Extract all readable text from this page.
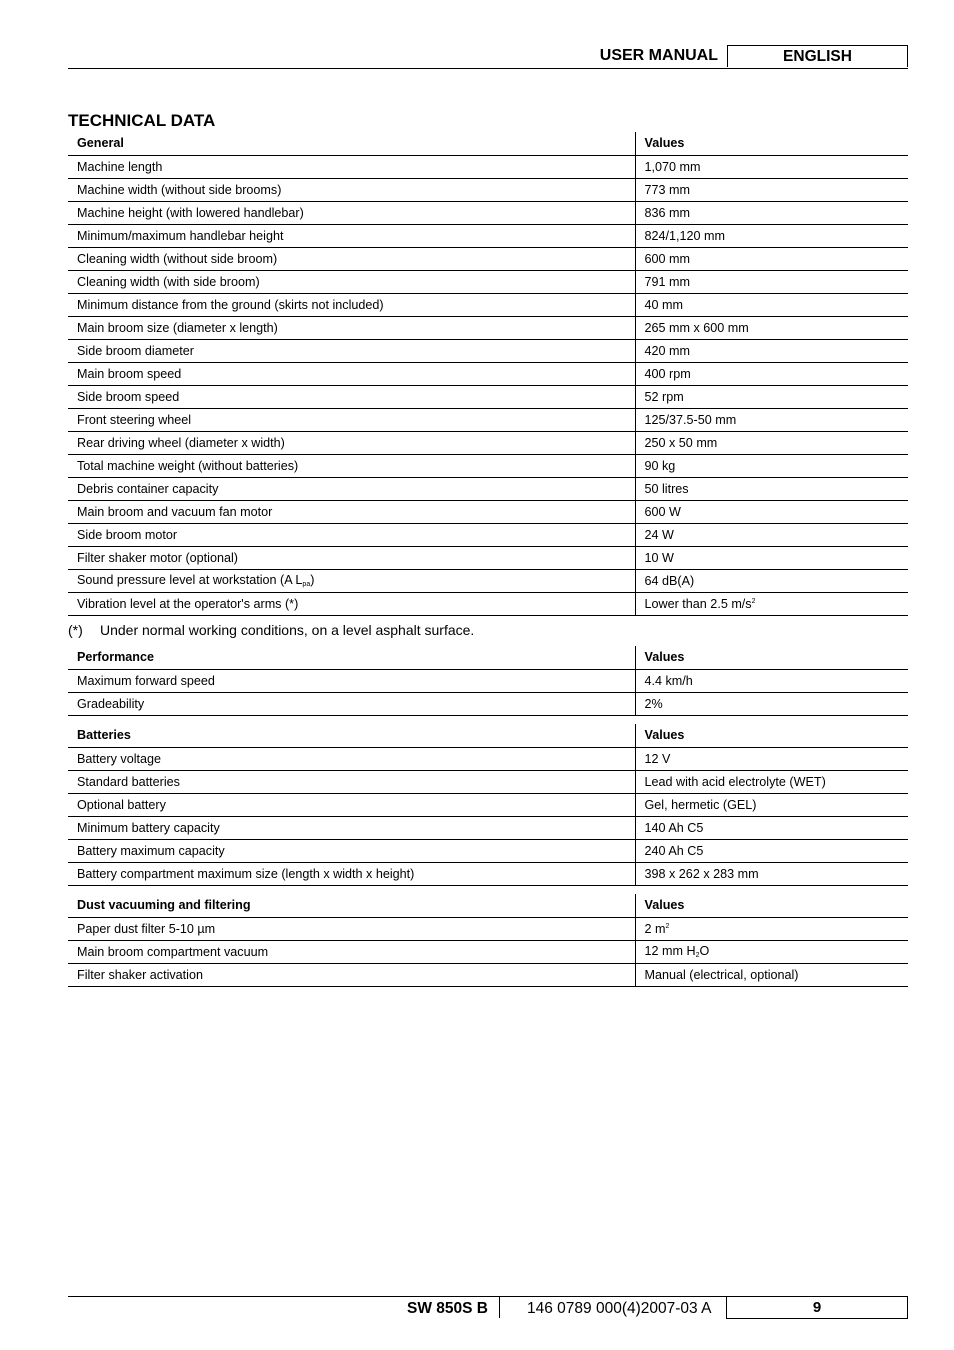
USER MANUAL	ENGLISH
TECHNICAL DATA
General	Values
Machine length	1,070 mm
Machine width (without side brooms)	773 mm
Machine height (with lowered handlebar)	836 mm
Minimum/maximum handlebar height	824/1,120 mm
Cleaning width (without side broom)	600 mm
Cleaning width (with side broom)	791 mm
Minimum distance from the ground (skirts not included)	40 mm
Main broom size (diameter x length)	265 mm x 600 mm
Side broom diameter	420 mm
Main broom speed	400 rpm
Side broom speed	52 rpm
Front steering wheel	125/37.5-50 mm
Rear driving wheel (diameter x width)	250 x 50 mm
Total machine weight (without batteries)	90 kg
Debris container capacity	50 litres
Main broom and vacuum fan motor	600 W
Side broom motor	24 W
Filter shaker motor (optional)	10 W
Sound pressure level at workstation (A $L_{pa}$)	64 dB(A)
Vibration level at the operator's arms (*)	Lower than 2.5 $m/s^2$
(*) Under normal working conditions, on a level asphalt surface.
Performance	Values
Maximum forward speed	4.4 km/h
Gradeability	2%
Batteries	Values
Battery voltage	12 V
Standard batteries	Lead with acid electrolyte (WET)
Optional battery	Gel, hermetic (GEL)
Minimum battery capacity	140 Ah C5
Battery maximum capacity	240 Ah C5
Battery compartment maximum size (length x width x height)	398 x 262 x 283 mm
Dust vacuuming and filtering	Values
Paper dust filter 5-10 µm	2 $m^2$
Main broom compartment vacuum	12 mm $H_2O$
Filter shaker activation	Manual (electrical, optional)
SW 850S B	146 0789 000(4)2007-03 A	9
